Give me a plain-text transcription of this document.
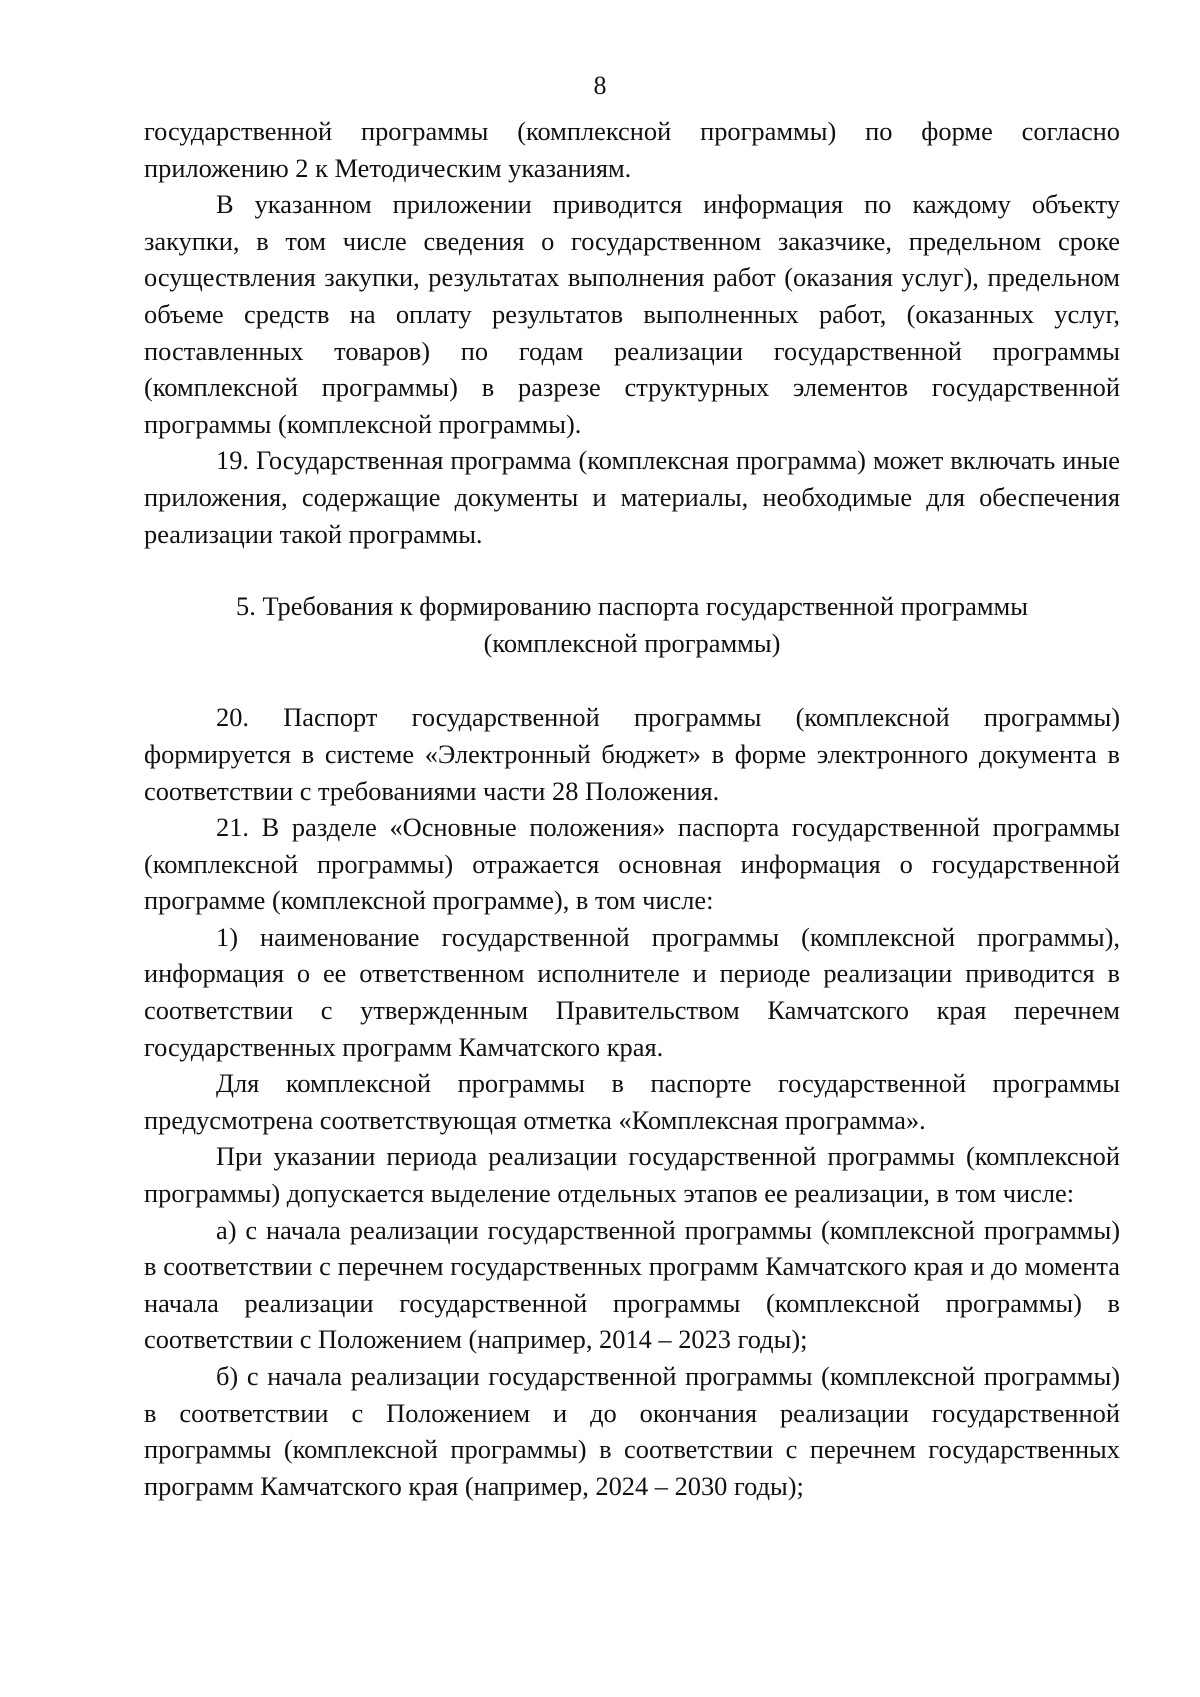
8

государственной программы (комплексной программы) по форме согласно приложению 2 к Методическим указаниям.

В указанном приложении приводится информация по каждому объекту закупки, в том числе сведения о государственном заказчике, предельном сроке осуществления закупки, результатах выполнения работ (оказания услуг), предельном объеме средств на оплату результатов выполненных работ, (оказанных услуг, поставленных товаров) по годам реализации государственной программы (комплексной программы) в разрезе структурных элементов государственной программы (комплексной программы).

19. Государственная программа (комплексная программа) может включать иные приложения, содержащие документы и материалы, необходимые для обеспечения реализации такой программы.

5. Требования к формированию паспорта государственной программы (комплексной программы)

20. Паспорт государственной программы (комплексной программы) формируется в системе «Электронный бюджет» в форме электронного документа в соответствии с требованиями части 28 Положения.

21. В разделе «Основные положения» паспорта государственной программы (комплексной программы) отражается основная информация о государственной программе (комплексной программе), в том числе:

1) наименование государственной программы (комплексной программы), информация о ее ответственном исполнителе и периоде реализации приводится в соответствии с утвержденным Правительством Камчатского края перечнем государственных программ Камчатского края.

Для комплексной программы в паспорте государственной программы предусмотрена соответствующая отметка «Комплексная программа».

При указании периода реализации государственной программы (комплексной программы) допускается выделение отдельных этапов ее реализации, в том числе:

а) с начала реализации государственной программы (комплексной программы) в соответствии с перечнем государственных программ Камчатского края и до момента начала реализации государственной программы (комплексной программы) в соответствии с Положением (например, 2014 – 2023 годы);

б) с начала реализации государственной программы (комплексной программы) в соответствии с Положением и до окончания реализации государственной программы (комплексной программы) в соответствии с перечнем государственных программ Камчатского края (например, 2024 – 2030 годы);
